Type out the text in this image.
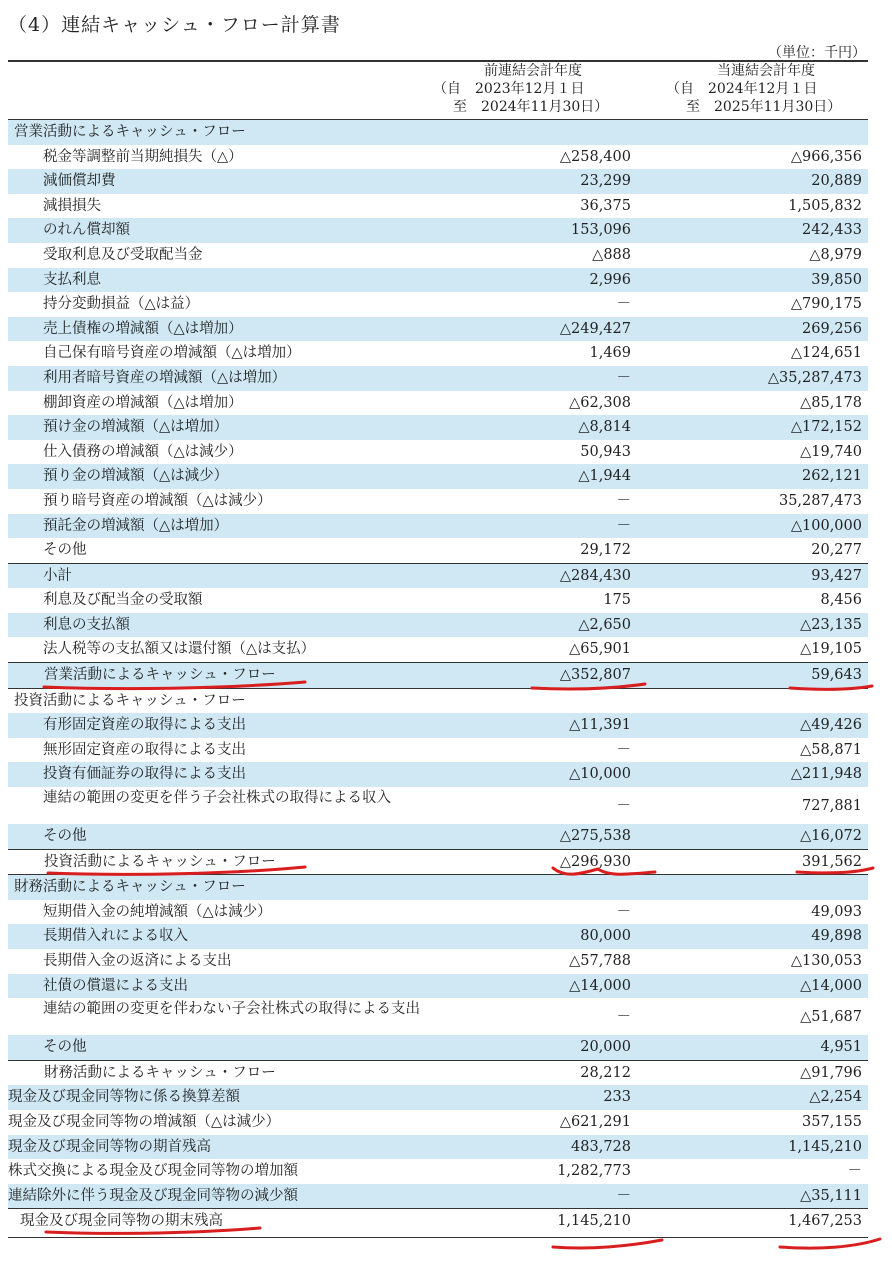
（4）連結キャッシュ・フロー計算書
（単位：千円）
前連結会計年度
（自　2023年12月１日
至　2024年11月30日）
当連結会計年度
（自　2024年12月１日
至　2025年11月30日）
営業活動によるキャッシュ・フロー
税金等調整前当期純損失（△）	△258,400	△966,356
減価償却費	23,299	20,889
減損損失	36,375	1,505,832
のれん償却額	153,096	242,433
受取利息及び受取配当金	△888	△8,979
支払利息	2,996	39,850
持分変動損益（△は益）	－	△790,175
売上債権の増減額（△は増加）	△249,427	269,256
自己保有暗号資産の増減額（△は増加）	1,469	△124,651
利用者暗号資産の増減額（△は増加）	－	△35,287,473
棚卸資産の増減額（△は増加）	△62,308	△85,178
預け金の増減額（△は増加）	△8,814	△172,152
仕入債務の増減額（△は減少）	50,943	△19,740
預り金の増減額（△は減少）	△1,944	262,121
預り暗号資産の増減額（△は減少）	－	35,287,473
預託金の増減額（△は増加）	－	△100,000
その他	29,172	20,277
小計	△284,430	93,427
利息及び配当金の受取額	175	8,456
利息の支払額	△2,650	△23,135
法人税等の支払額又は還付額（△は支払）	△65,901	△19,105
営業活動によるキャッシュ・フロー	△352,807	59,643
投資活動によるキャッシュ・フロー
有形固定資産の取得による支出	△11,391	△49,426
無形固定資産の取得による支出	－	△58,871
投資有価証券の取得による支出	△10,000	△211,948
連結の範囲の変更を伴う子会社株式の取得による収入	－	727,881
その他	△275,538	△16,072
投資活動によるキャッシュ・フロー	△296,930	391,562
財務活動によるキャッシュ・フロー
短期借入金の純増減額（△は減少）	－	49,093
長期借入れによる収入	80,000	49,898
長期借入金の返済による支出	△57,788	△130,053
社債の償還による支出	△14,000	△14,000
連結の範囲の変更を伴わない子会社株式の取得による支出	－	△51,687
その他	20,000	4,951
財務活動によるキャッシュ・フロー	28,212	△91,796
現金及び現金同等物に係る換算差額	233	△2,254
現金及び現金同等物の増減額（△は減少）	△621,291	357,155
現金及び現金同等物の期首残高	483,728	1,145,210
株式交換による現金及び現金同等物の増加額	1,282,773	－
連結除外に伴う現金及び現金同等物の減少額	－	△35,111
現金及び現金同等物の期末残高	1,145,210	1,467,253
